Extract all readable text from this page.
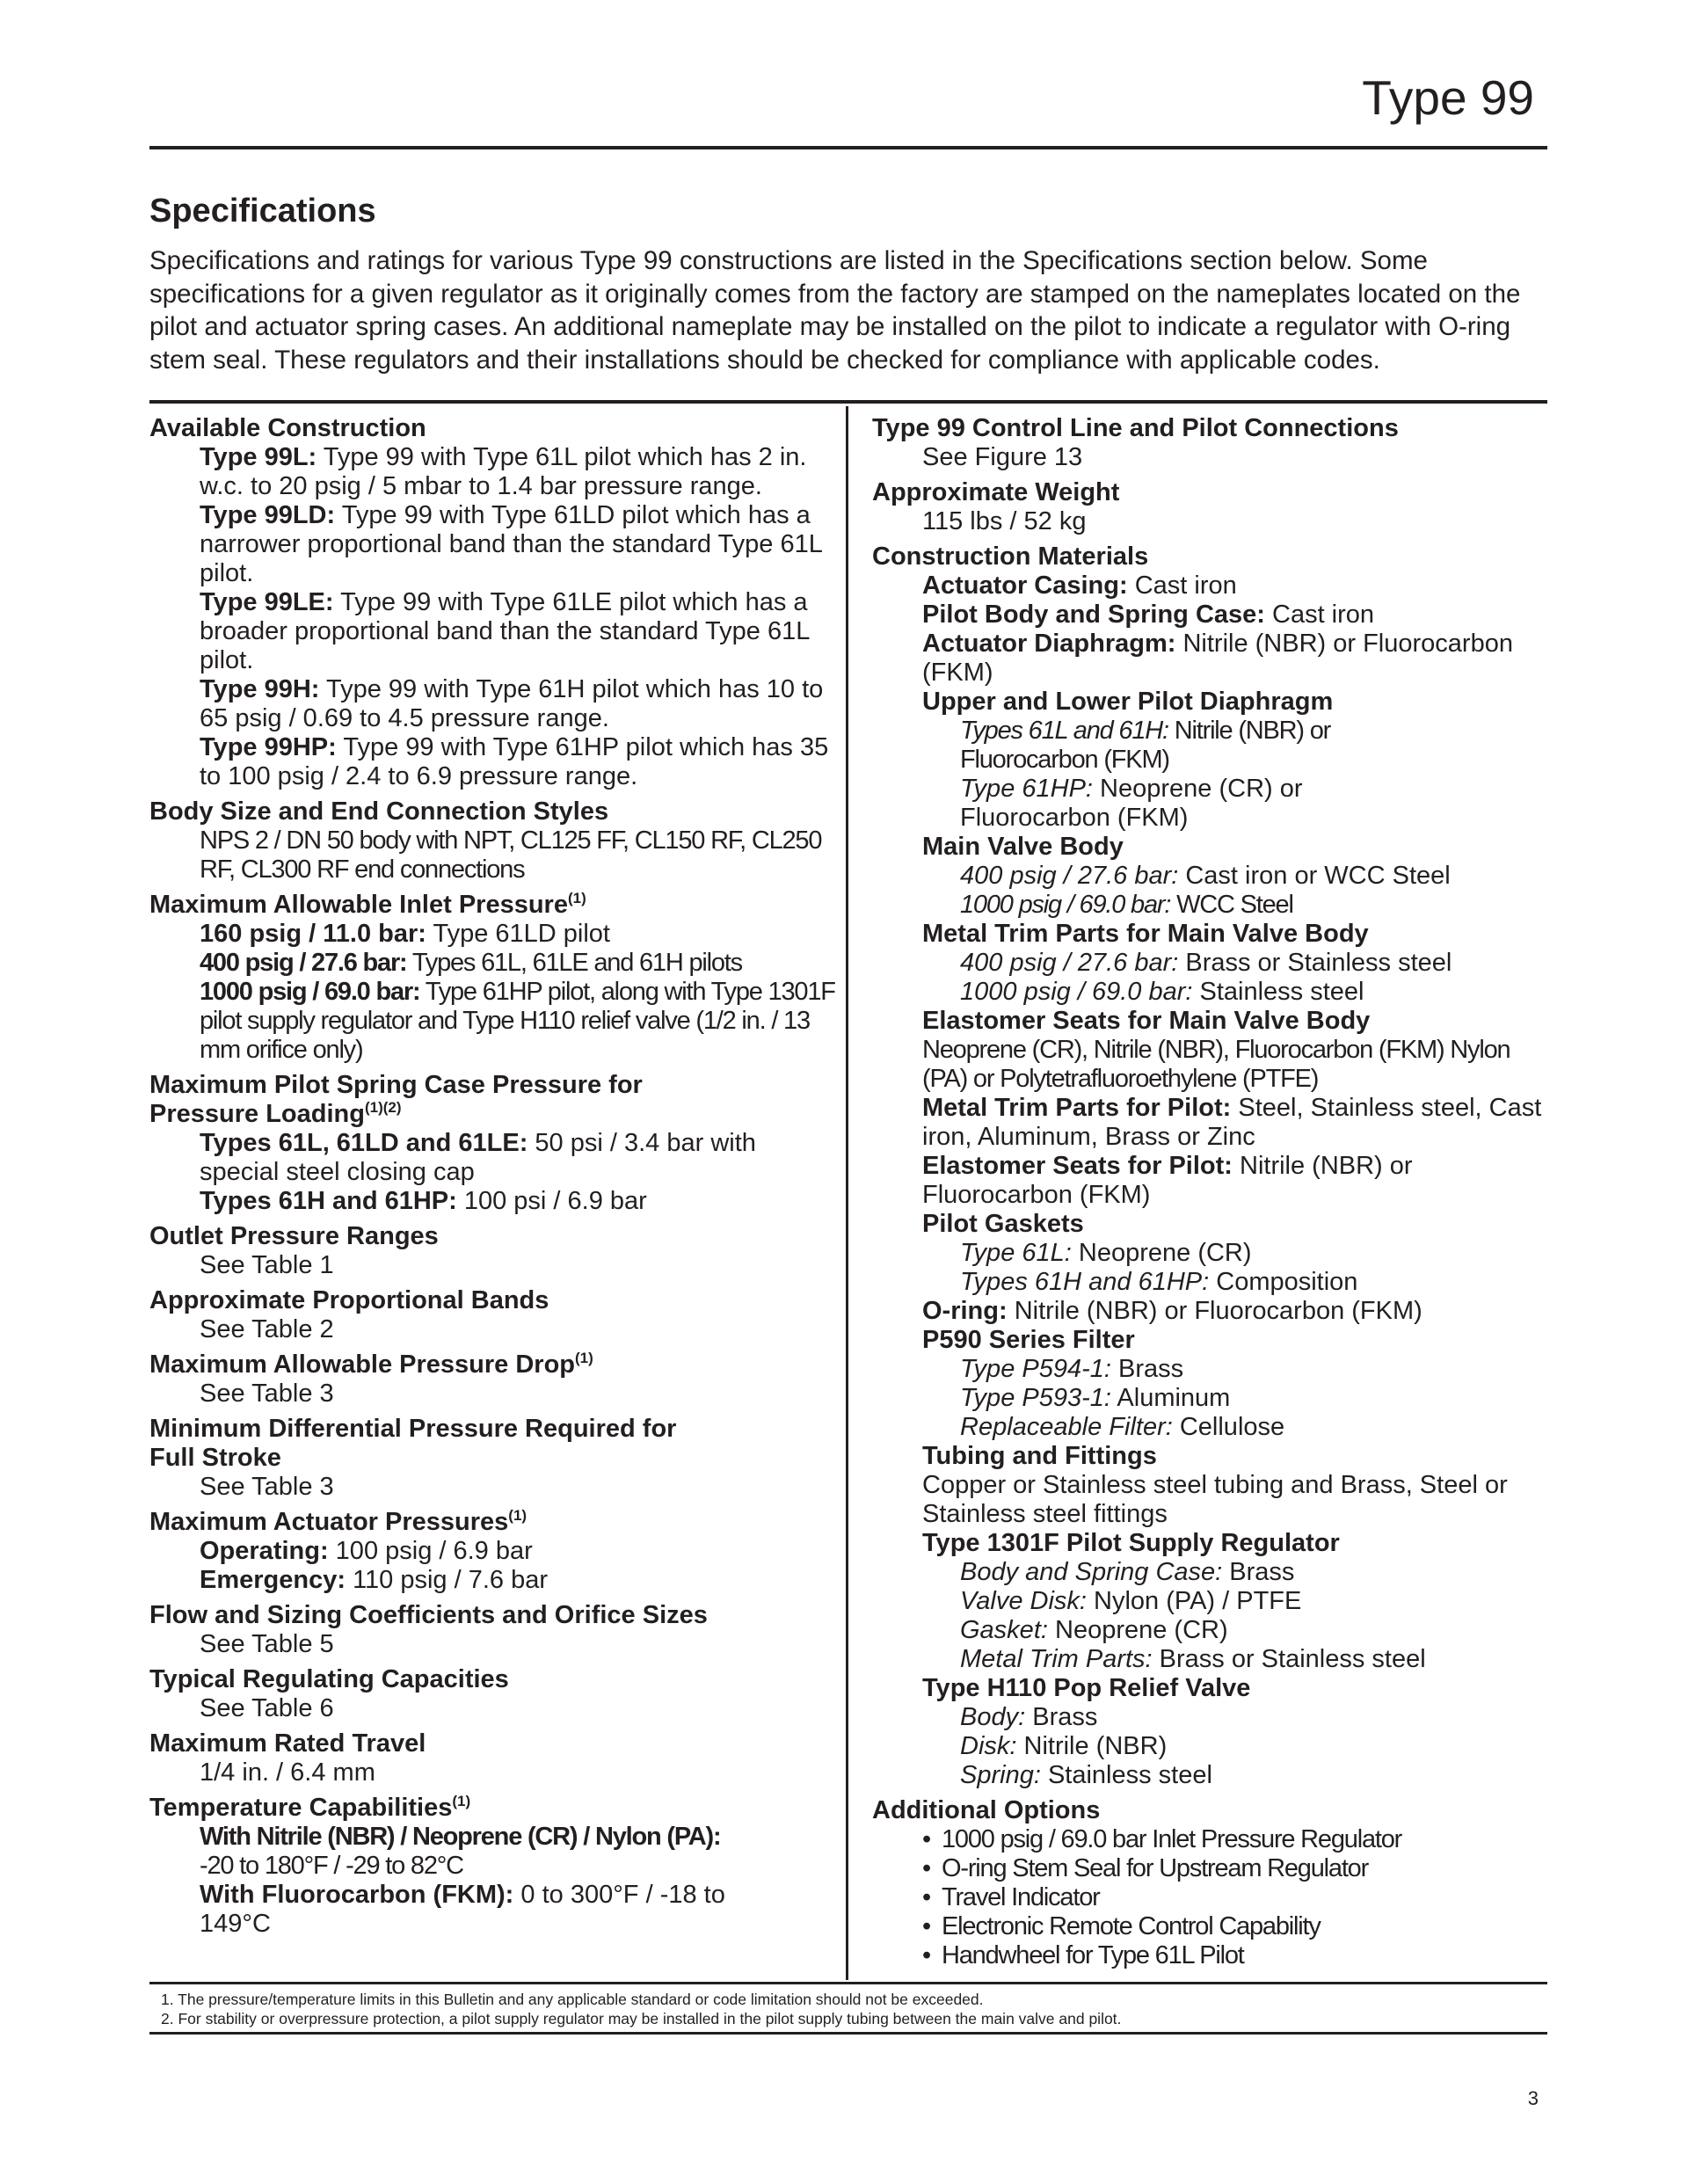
Type 99
Specifications

Specifications and ratings for various Type 99 constructions are listed in the Specifications section below. Some specifications for a given regulator as it originally comes from the factory are stamped on the nameplates located on the pilot and actuator spring cases. An additional nameplate may be installed on the pilot to indicate a regulator with O-ring stem seal. These regulators and their installations should be checked for compliance with applicable codes.

Available Construction
Type 99L: Type 99 with Type 61L pilot which has 2 in. w.c. to 20 psig / 5 mbar to 1.4 bar pressure range.
Type 99LD: Type 99 with Type 61LD pilot which has a narrower proportional band than the standard Type 61L pilot.
Type 99LE: Type 99 with Type 61LE pilot which has a broader proportional band than the standard Type 61L pilot.
Type 99H: Type 99 with Type 61H pilot which has 10 to 65 psig / 0.69 to 4.5 pressure range.
Type 99HP: Type 99 with Type 61HP pilot which has 35 to 100 psig / 2.4 to 6.9 pressure range.
Body Size and End Connection Styles
NPS 2 / DN 50 body with NPT, CL125 FF, CL150 RF, CL250 RF, CL300 RF end connections
Maximum Allowable Inlet Pressure$^{(1)}$
160 psig / 11.0 bar: Type 61LD pilot
400 psig / 27.6 bar: Types 61L, 61LE and 61H pilots
1000 psig / 69.0 bar: Type 61HP pilot, along with Type 1301F pilot supply regulator and Type H110 relief valve (1/2 in. / 13 mm orifice only)
Maximum Pilot Spring Case Pressure for
Pressure Loading$^{(1)(2)}$
Types 61L, 61LD and 61LE: 50 psi / 3.4 bar with special steel closing cap
Types 61H and 61HP: 100 psi / 6.9 bar
Outlet Pressure Ranges
See Table 1
Approximate Proportional Bands
See Table 2
Maximum Allowable Pressure Drop$^{(1)}$
See Table 3
Minimum Differential Pressure Required for
Full Stroke
See Table 3
Maximum Actuator Pressures$^{(1)}$
Operating: 100 psig / 6.9 bar
Emergency: 110 psig / 7.6 bar
Flow and Sizing Coefficients and Orifice Sizes
See Table 5
Typical Regulating Capacities
See Table 6
Maximum Rated Travel
1/4 in. / 6.4 mm
Temperature Capabilities$^{(1)}$
With Nitrile (NBR) / Neoprene (CR) / Nylon (PA):
-20 to 180°F / -29 to 82°C
With Fluorocarbon (FKM): 0 to 300°F / -18 to 149°C
Type 99 Control Line and Pilot Connections
See Figure 13
Approximate Weight
115 lbs / 52 kg
Construction Materials
Actuator Casing: Cast iron
Pilot Body and Spring Case: Cast iron
Actuator Diaphragm: Nitrile (NBR) or Fluorocarbon (FKM)
Upper and Lower Pilot Diaphragm
Types 61L and 61H: Nitrile (NBR) or Fluorocarbon (FKM)
Type 61HP: Neoprene (CR) or Fluorocarbon (FKM)
Main Valve Body
400 psig / 27.6 bar: Cast iron or WCC Steel
1000 psig / 69.0 bar: WCC Steel
Metal Trim Parts for Main Valve Body
400 psig / 27.6 bar: Brass or Stainless steel
1000 psig / 69.0 bar: Stainless steel
Elastomer Seats for Main Valve Body
Neoprene (CR), Nitrile (NBR), Fluorocarbon (FKM) Nylon (PA) or Polytetrafluoroethylene (PTFE)
Metal Trim Parts for Pilot: Steel, Stainless steel, Cast iron, Aluminum, Brass or Zinc
Elastomer Seats for Pilot: Nitrile (NBR) or Fluorocarbon (FKM)
Pilot Gaskets
Type 61L: Neoprene (CR)
Types 61H and 61HP: Composition
O-ring: Nitrile (NBR) or Fluorocarbon (FKM)
P590 Series Filter
Type P594-1: Brass
Type P593-1: Aluminum
Replaceable Filter: Cellulose
Tubing and Fittings
Copper or Stainless steel tubing and Brass, Steel or Stainless steel fittings
Type 1301F Pilot Supply Regulator
Body and Spring Case: Brass
Valve Disk: Nylon (PA) / PTFE
Gasket: Neoprene (CR)
Metal Trim Parts: Brass or Stainless steel
Type H110 Pop Relief Valve
Body: Brass
Disk: Nitrile (NBR)
Spring: Stainless steel
Additional Options
• 1000 psig / 69.0 bar Inlet Pressure Regulator
• O-ring Stem Seal for Upstream Regulator
• Travel Indicator
• Electronic Remote Control Capability
• Handwheel for Type 61L Pilot
1. The pressure/temperature limits in this Bulletin and any applicable standard or code limitation should not be exceeded.
2. For stability or overpressure protection, a pilot supply regulator may be installed in the pilot supply tubing between the main valve and pilot.
3
